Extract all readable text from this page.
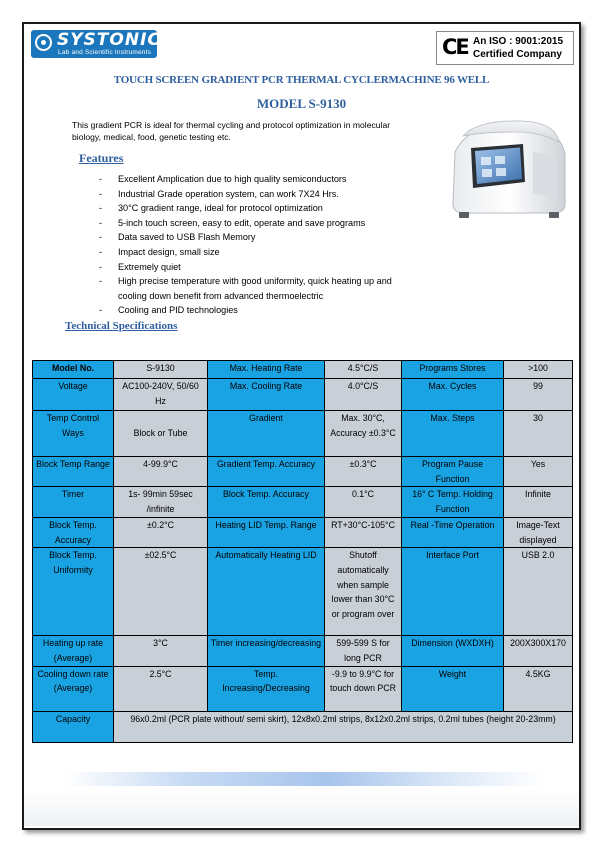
SYSTONIC
Lab and Scientific Instruments	CE An ISO : 9001:2015
Certified Company
TOUCH SCREEN GRADIENT PCR THERMAL CYCLERMACHINE 96 WELL
MODEL S-9130
This gradient PCR is ideal for thermal cycling and protocol optimization in molecular biology, medical, food, genetic testing etc.
Features
- Excellent Amplication due to high quality semiconductors
- Industrial Grade operation system, can work 7X24 Hrs.
- 30°C gradient range, ideal for protocol optimization
- 5-inch touch screen, easy to edit, operate and save programs
- Data saved to USB Flash Memory
- Impact design, small size
- Extremely quiet
- High precise temperature with good uniformity, quick heating up and
cooling down benefit from advanced thermoelectric
- Cooling and PID technologies
Technical Specifications
Model No.	S-9130	Max. Heating Rate	4.5°C/S	Programs Stores	>100
Voltage	AC100-240V, 50/60 Hz	Max. Cooling Rate	4.0°C/S	Max. Cycles	99
Temp Control Ways	Block or Tube	Gradient	Max. 30°C, Accuracy ±0.3°C	Max. Steps	30
Block Temp Range	4-99.9°C	Gradient Temp. Accuracy	±0.3°C	Program Pause Function	Yes
Timer	1s- 99min 59sec /infinite	Block Temp. Accuracy	0.1°C	16° C Temp. Holding Function	Infinite
Block Temp. Accuracy	±0.2°C	Heating LID Temp. Range	RT+30°C-105°C	Real -Time Operation	Image-Text displayed
Block Temp. Uniformity	±02.5°C	Automatically Heating LID	Shutoff automatically when sample lower than 30°C or program over	Interface Port	USB 2.0
Heating up rate (Average)	3°C	Timer increasing/decreasing	599-599 S for long PCR	Dimension (WXDXH)	200X300X170
Cooling down rate (Average)	2.5°C	Temp. Increasing/Decreasing	-9.9 to 9.9°C for touch down PCR	Weight	4.5KG
Capacity	96x0.2ml (PCR plate without/ semi skirt), 12x8x0.2ml strips, 8x12x0.2ml strips, 0.2ml tubes (height 20-23mm)				
